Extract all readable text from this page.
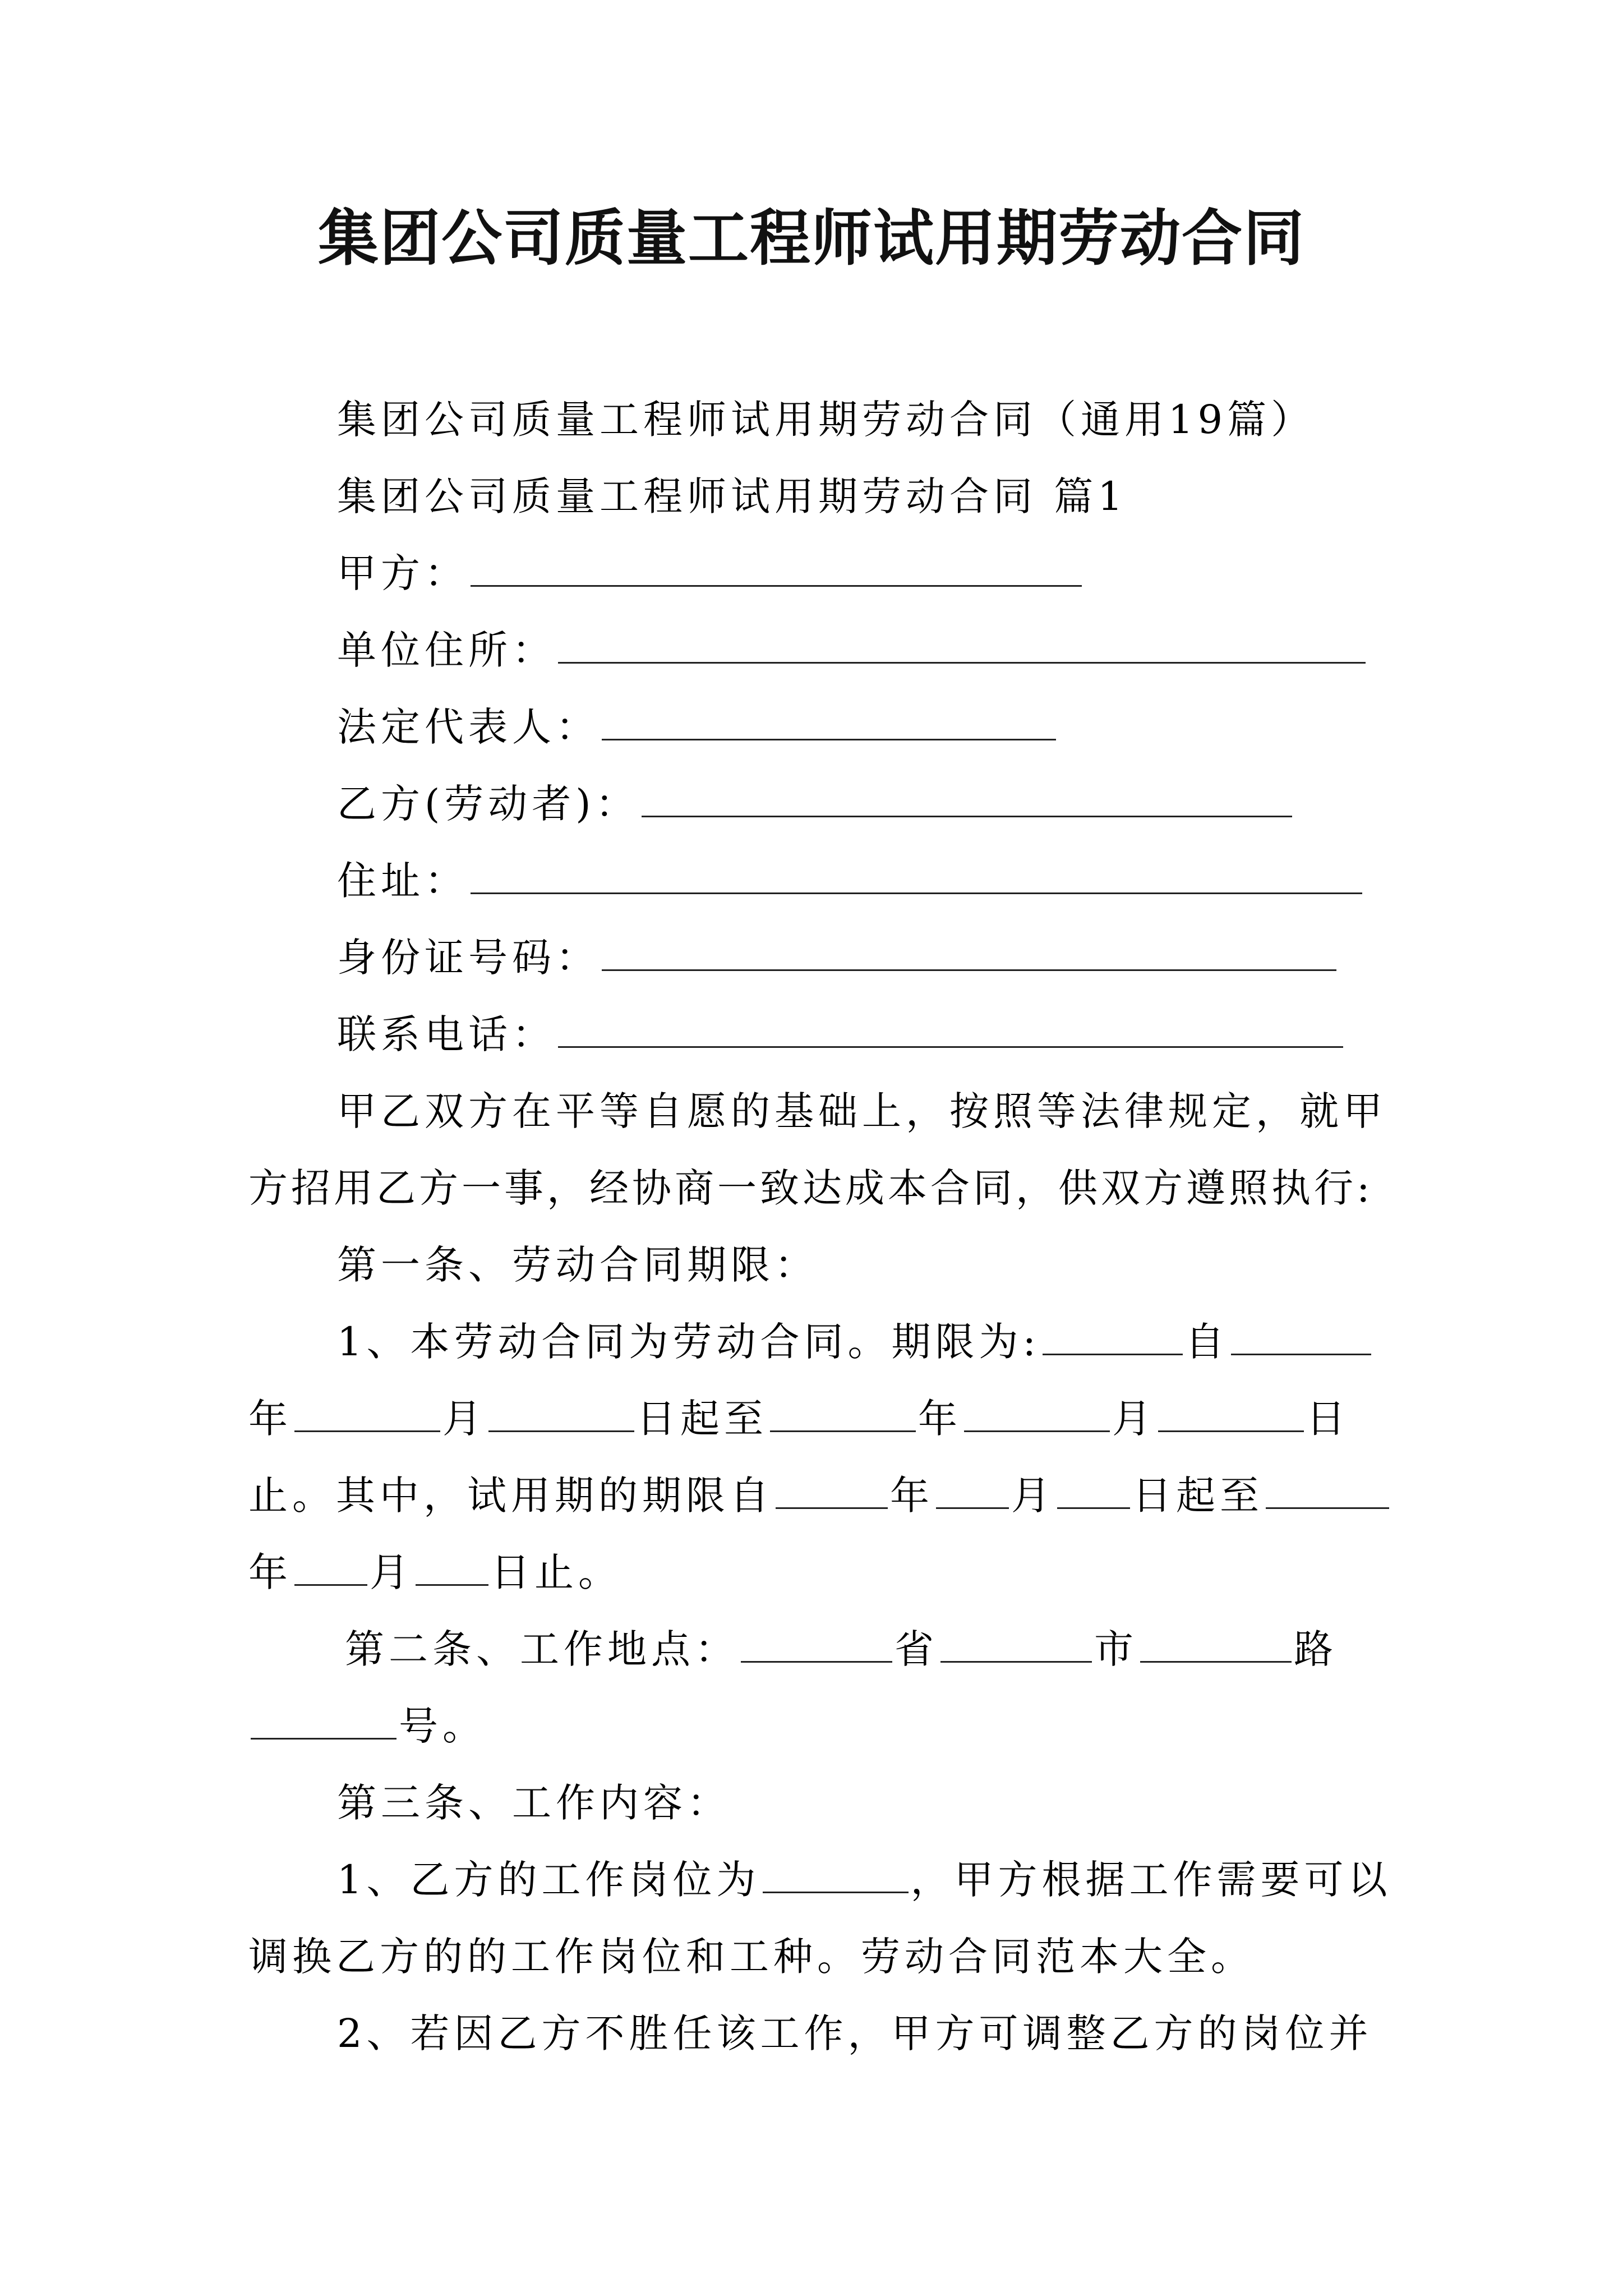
集团公司质量工程师试用期劳动合同
集团公司质量工程师试用期劳动合同（通用19篇）
集团公司质量工程师试用期劳动合同 篇1
甲方：
单位住所：
法定代表人：
乙方(劳动者)：
住址：
身份证号码：
联系电话：
甲乙双方在平等自愿的基础上，按照等法律规定，就甲
方招用乙方一事，经协商一致达成本合同，供双方遵照执行:
第一条、劳动合同期限：
1、本劳动合同为劳动合同。期限为:	自
年	月	日起至	年	月	日
止。其中，试用期的期限自	年 月 日起至
年 月 日止。
第二条、工作地点：	省	市	路
号。
第三条、工作内容：
1、乙方的工作岗位为	，甲方根据工作需要可以
调换乙方的的工作岗位和工种。劳动合同范本大全。
2、若因乙方不胜任该工作，甲方可调整乙方的岗位并
